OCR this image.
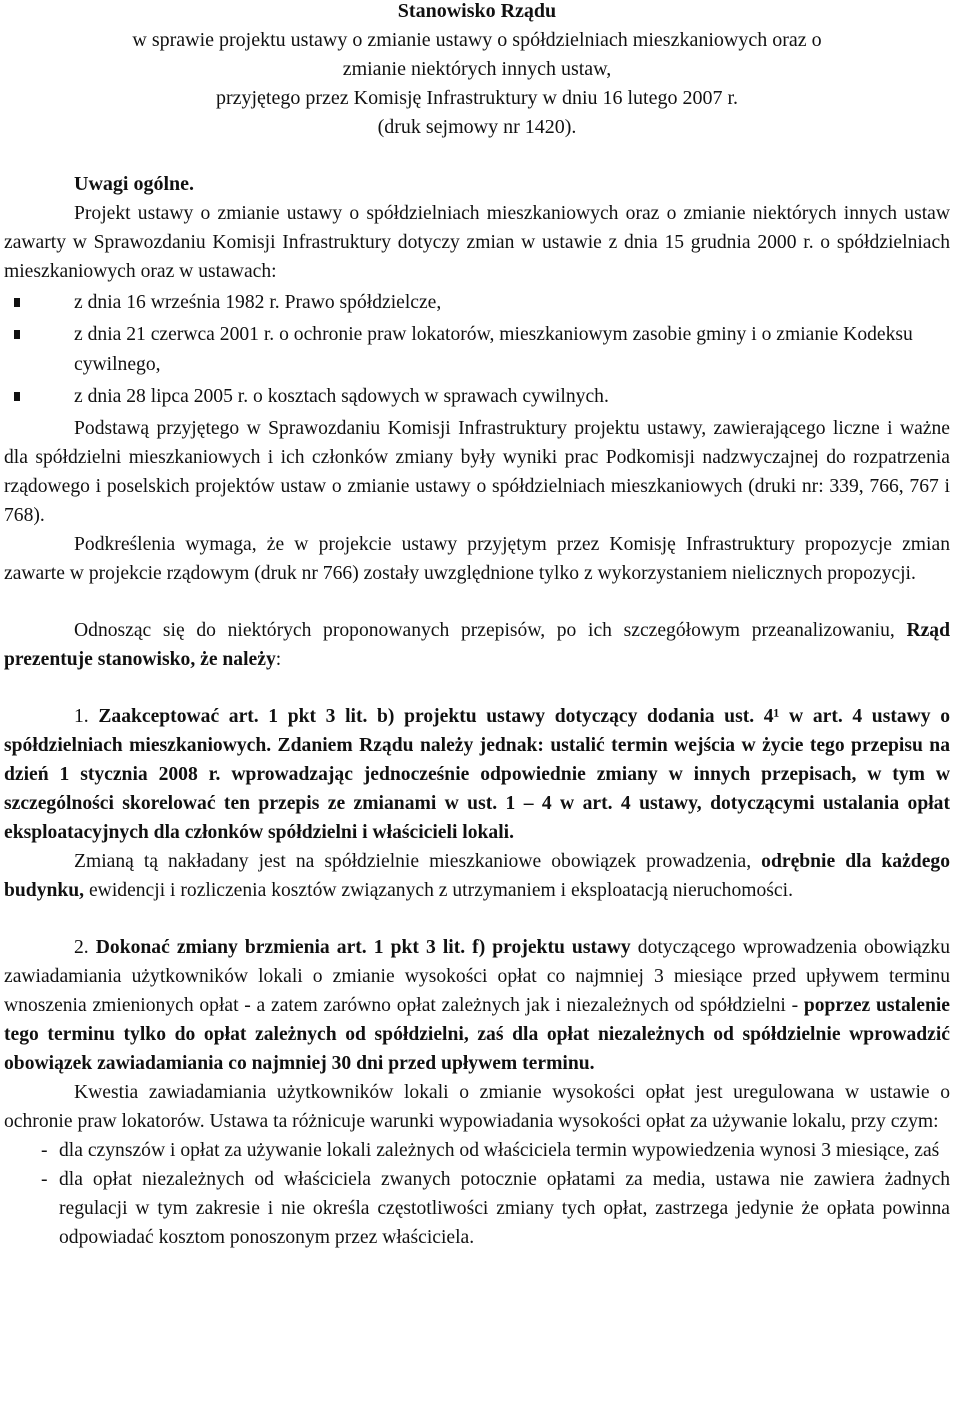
Stanowisko Rządu
w sprawie projektu ustawy o zmianie ustawy o spółdzielniach mieszkaniowych oraz o
zmianie niektórych innych ustaw,
przyjętego przez Komisję Infrastruktury w dniu 16 lutego 2007 r.
(druk sejmowy nr 1420).
Uwagi ogólne.

Projekt ustawy o zmianie ustawy o spółdzielniach mieszkaniowych oraz o zmianie niektórych innych ustaw zawarty w Sprawozdaniu Komisji Infrastruktury dotyczy zmian w ustawie z dnia 15 grudnia 2000 r. o spółdzielniach mieszkaniowych oraz w ustawach:

z dnia 16 września 1982 r. Prawo spółdzielcze,
z dnia 21 czerwca 2001 r. o ochronie praw lokatorów, mieszkaniowym zasobie gminy i o zmianie Kodeksu cywilnego,
z dnia 28 lipca 2005 r. o kosztach sądowych w sprawach cywilnych.

Podstawą przyjętego w Sprawozdaniu Komisji Infrastruktury projektu ustawy, zawierającego liczne i ważne dla spółdzielni mieszkaniowych i ich członków zmiany były wyniki prac Podkomisji nadzwyczajnej do rozpatrzenia rządowego i poselskich projektów ustaw o zmianie ustawy o spółdzielniach mieszkaniowych (druki nr: 339, 766, 767 i 768).

Podkreślenia wymaga, że w projekcie ustawy przyjętym przez Komisję Infrastruktury propozycje zmian zawarte w projekcie rządowym (druk nr 766) zostały uwzględnione tylko z wykorzystaniem nielicznych propozycji.

Odnosząc się do niektórych proponowanych przepisów, po ich szczegółowym przeanalizowaniu, Rząd prezentuje stanowisko, że należy:

1. Zaakceptować art. 1 pkt 3 lit. b) projektu ustawy dotyczący dodania ust. 4¹ w art. 4 ustawy o spółdzielniach mieszkaniowych. Zdaniem Rządu należy jednak: ustalić termin wejścia w życie tego przepisu na dzień 1 stycznia 2008 r. wprowadzając jednocześnie odpowiednie zmiany w innych przepisach, w tym w szczególności skorelować ten przepis ze zmianami w ust. 1 – 4 w art. 4 ustawy, dotyczącymi ustalania opłat eksploatacyjnych dla członków spółdzielni i właścicieli lokali.

Zmianą tą nakładany jest na spółdzielnie mieszkaniowe obowiązek prowadzenia, odrębnie dla każdego budynku, ewidencji i rozliczenia kosztów związanych z utrzymaniem i eksploatacją nieruchomości.

2. Dokonać zmiany brzmienia art. 1 pkt 3 lit. f) projektu ustawy dotyczącego wprowadzenia obowiązku zawiadamiania użytkowników lokali o zmianie wysokości opłat co najmniej 3 miesiące przed upływem terminu wnoszenia zmienionych opłat - a zatem zarówno opłat zależnych jak i niezależnych od spółdzielni - poprzez ustalenie tego terminu tylko do opłat zależnych od spółdzielni, zaś dla opłat niezależnych od spółdzielnie wprowadzić obowiązek zawiadamiania co najmniej 30 dni przed upływem terminu.

Kwestia zawiadamiania użytkowników lokali o zmianie wysokości opłat jest uregulowana w ustawie o ochronie praw lokatorów. Ustawa ta różnicuje warunki wypowiadania wysokości opłat za używanie lokalu, przy czym:

- dla czynszów i opłat za używanie lokali zależnych od właściciela termin wypowiedzenia wynosi 3 miesiące, zaś
- dla opłat niezależnych od właściciela zwanych potocznie opłatami za media, ustawa nie zawiera żadnych regulacji w tym zakresie i nie określa częstotliwości zmiany tych opłat, zastrzega jedynie że opłata powinna odpowiadać kosztom ponoszonym przez właściciela.
